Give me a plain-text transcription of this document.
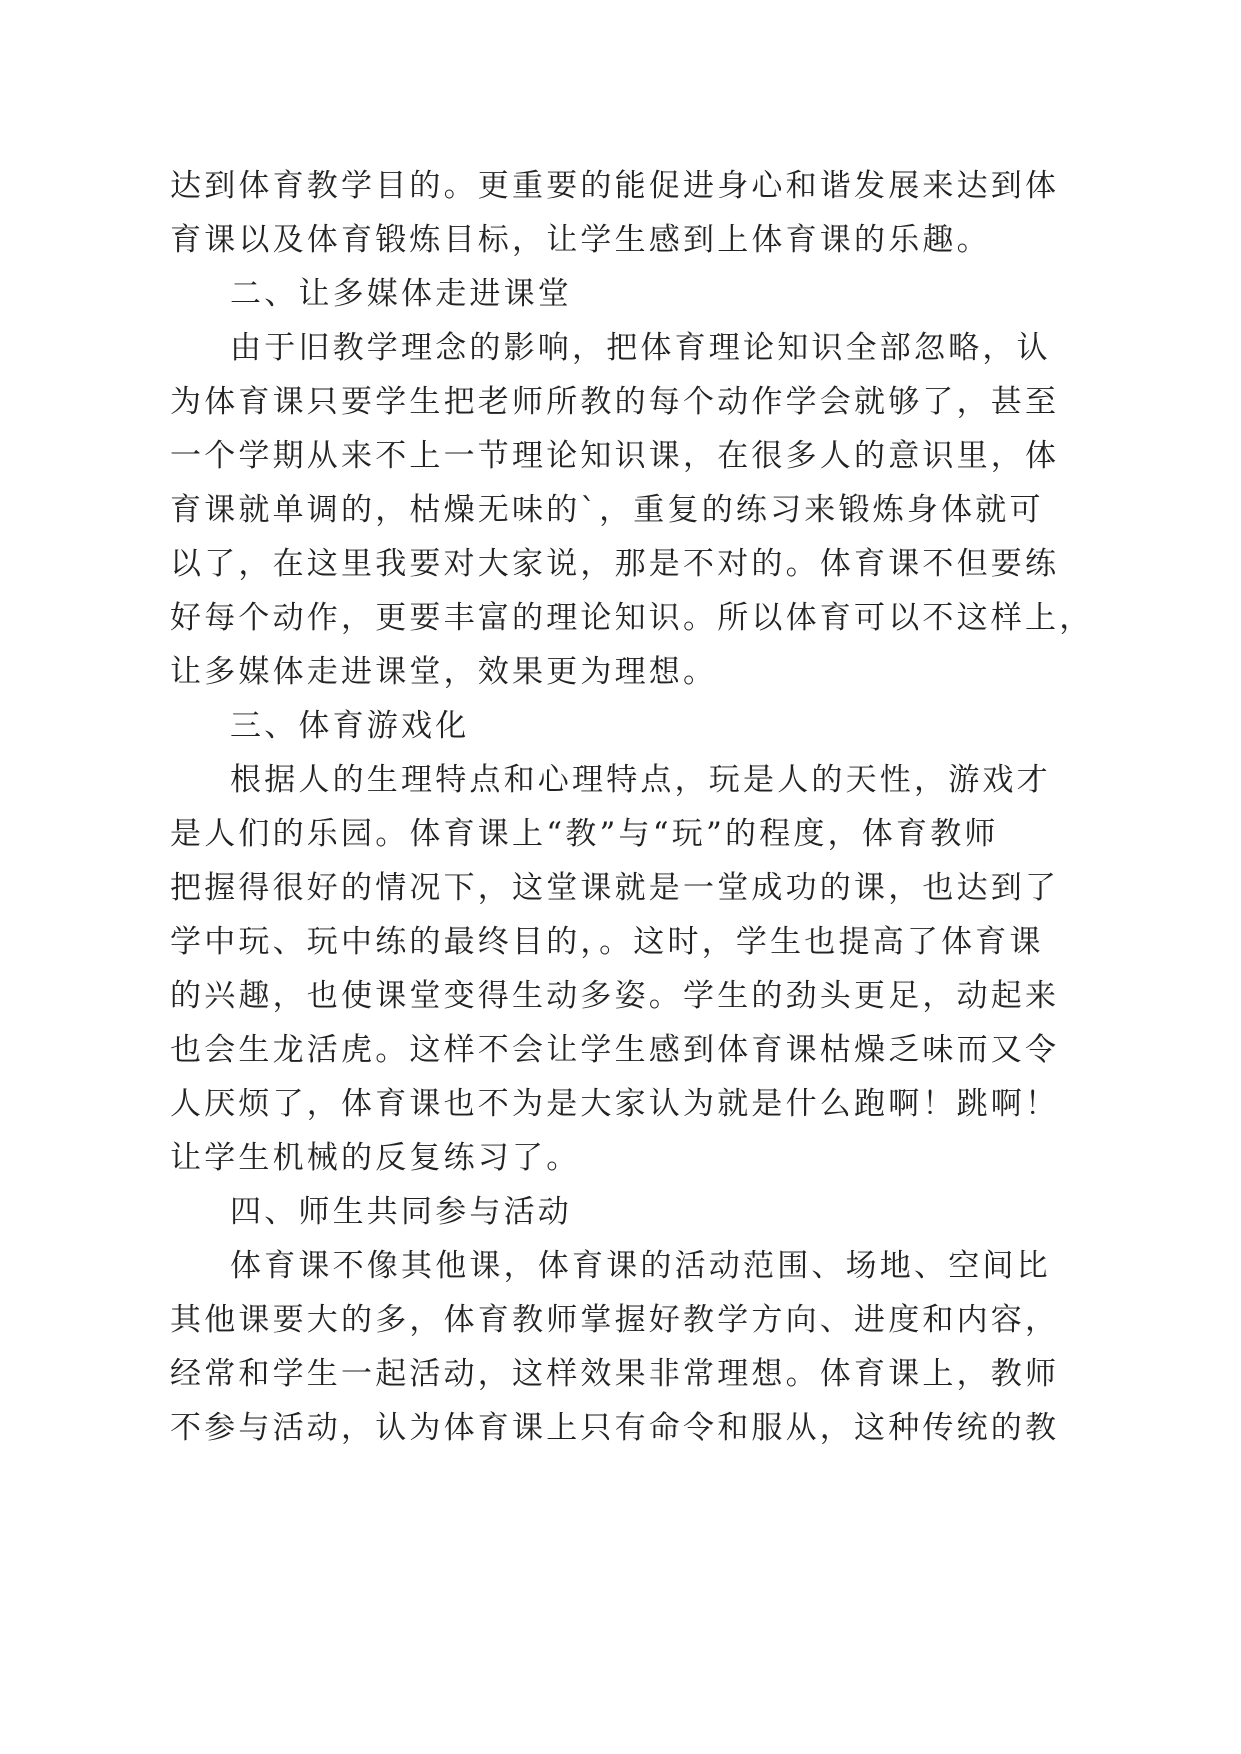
达到体育教学目的。更重要的能促进身心和谐发展来达到体
育课以及体育锻炼目标，让学生感到上体育课的乐趣。
二、让多媒体走进课堂
由于旧教学理念的影响，把体育理论知识全部忽略，认
为体育课只要学生把老师所教的每个动作学会就够了，甚至
一个学期从来不上一节理论知识课，在很多人的意识里，体
育课就单调的，枯燥无味的`，重复的练习来锻炼身体就可
以了，在这里我要对大家说，那是不对的。体育课不但要练
好每个动作，更要丰富的理论知识。所以体育可以不这样上，
让多媒体走进课堂，效果更为理想。
三、体育游戏化
根据人的生理特点和心理特点，玩是人的天性，游戏才
是人们的乐园。体育课上“教”与“玩”的程度，体育教师
把握得很好的情况下，这堂课就是一堂成功的课，也达到了
学中玩、玩中练的最终目的，。这时，学生也提高了体育课
的兴趣，也使课堂变得生动多姿。学生的劲头更足，动起来
也会生龙活虎。这样不会让学生感到体育课枯燥乏味而又令
人厌烦了，体育课也不为是大家认为就是什么跑啊！跳啊！
让学生机械的反复练习了。
四、师生共同参与活动
体育课不像其他课，体育课的活动范围、场地、空间比
其他课要大的多，体育教师掌握好教学方向、进度和内容，
经常和学生一起活动，这样效果非常理想。体育课上，教师
不参与活动，认为体育课上只有命令和服从，这种传统的教
